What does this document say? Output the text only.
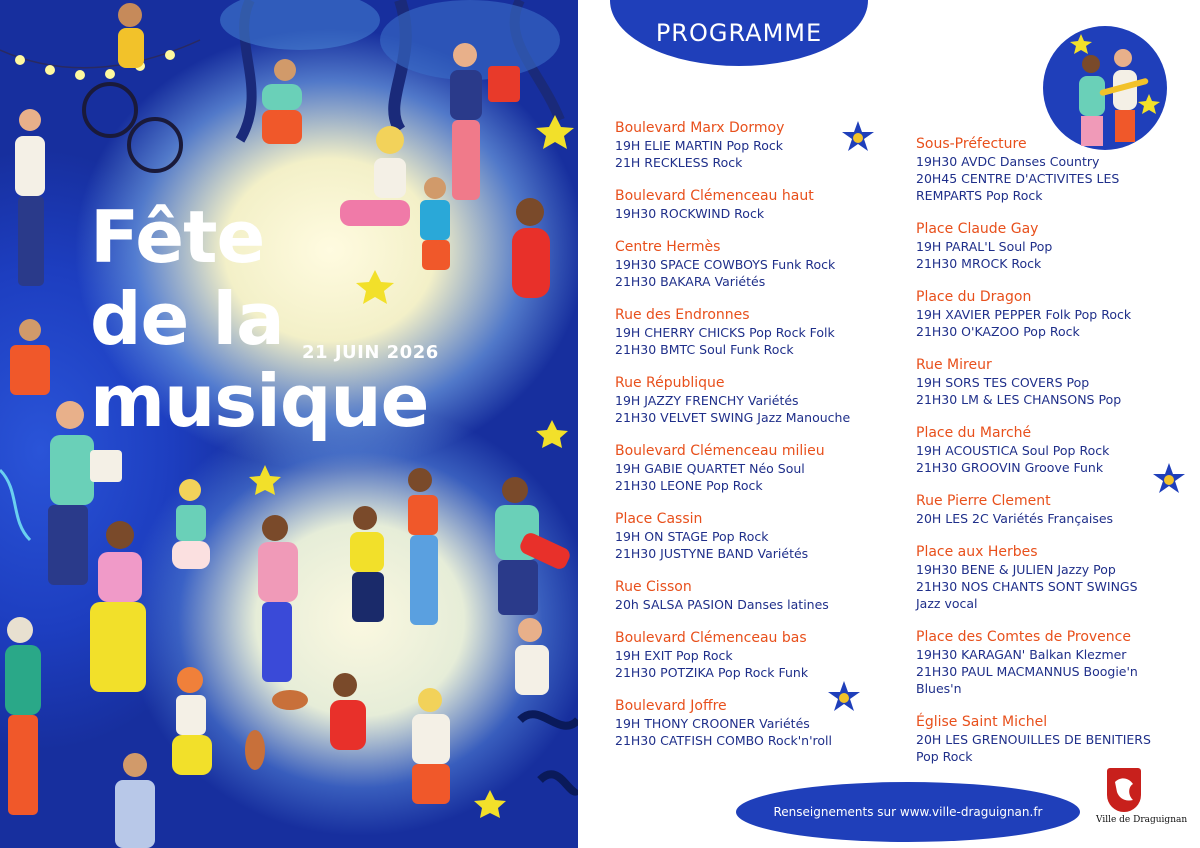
Fête
de la
musique
21 JUIN 2026
PROGRAMME
Boulevard Marx Dormoy
19H ELIE MARTIN Pop Rock
21H RECKLESS Rock
Boulevard Clémenceau haut
19H30 ROCKWIND Rock
Centre Hermès
19H30 SPACE COWBOYS Funk Rock
21H30 BAKARA Variétés
Rue des Endronnes
19H CHERRY CHICKS Pop Rock Folk
21H30 BMTC Soul Funk Rock
Rue République
19H JAZZY FRENCHY Variétés
21H30 VELVET SWING Jazz Manouche
Boulevard Clémenceau milieu
19H GABIE QUARTET Néo Soul
21H30 LEONE Pop Rock
Place Cassin
19H ON STAGE Pop Rock
21H30 JUSTYNE BAND Variétés
Rue Cisson
20h SALSA PASION Danses latines
Boulevard Clémenceau bas
19H EXIT Pop Rock
21H30 POTZIKA Pop Rock Funk
Boulevard Joffre
19H THONY CROONER Variétés
21H30 CATFISH COMBO Rock'n'roll
Sous-Préfecture
19H30 AVDC Danses Country
20H45 CENTRE D'ACTIVITES LES
REMPARTS Pop Rock
Place Claude Gay
19H PARAL'L Soul Pop
21H30 MROCK Rock
Place du Dragon
19H XAVIER PEPPER Folk Pop Rock
21H30 O'KAZOO Pop Rock
Rue Mireur
19H SORS TES COVERS Pop
21H30 LM & LES CHANSONS Pop
Place du Marché
19H ACOUSTICA Soul Pop Rock
21H30 GROOVIN Groove Funk
Rue Pierre Clement
20H LES 2C Variétés Françaises
Place aux Herbes
19H30 BENE & JULIEN Jazzy Pop
21H30 NOS CHANTS SONT SWINGS
Jazz vocal
Place des Comtes de Provence
19H30 KARAGAN' Balkan Klezmer
21H30 PAUL MACMANNUS Boogie'n
Blues'n
Église Saint Michel
20H LES GRENOUILLES DE BENITIERS
Pop Rock
Renseignements sur www.ville-draguignan.fr
Ville de Draguignan
